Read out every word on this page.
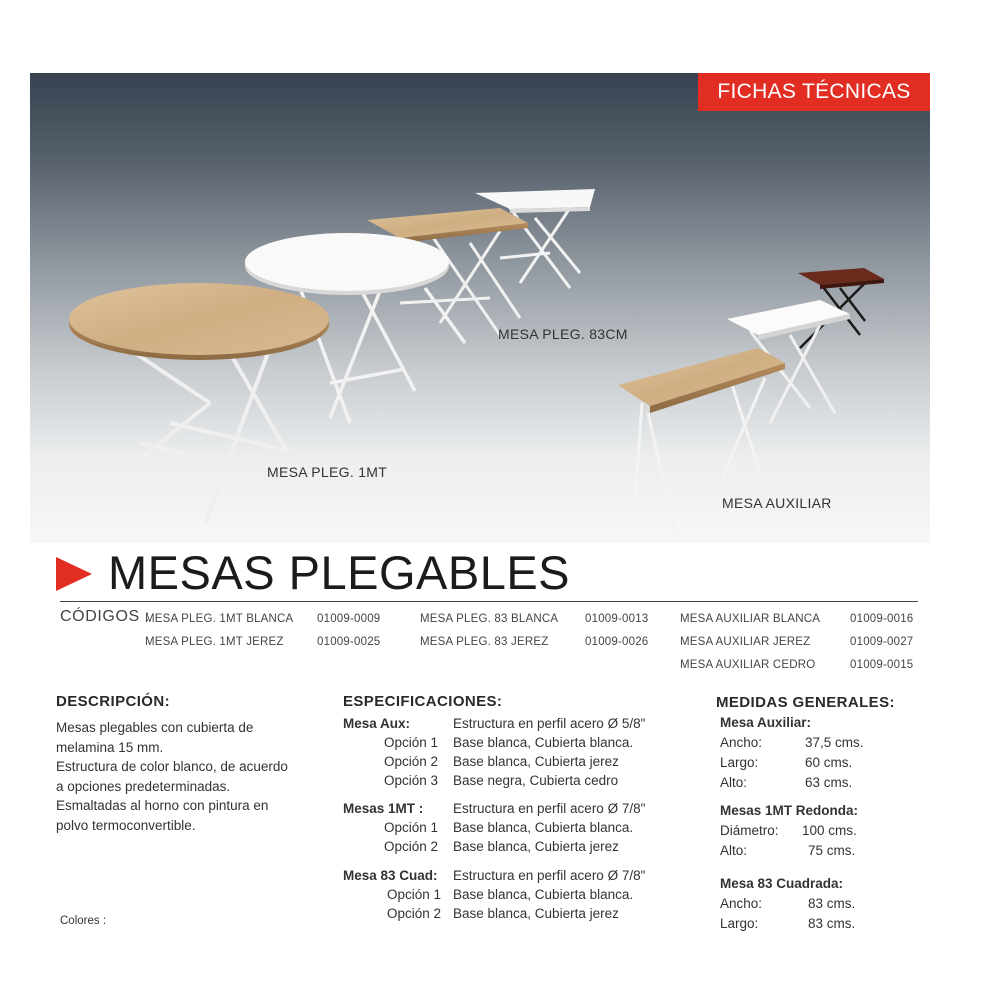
FICHAS TÉCNICAS
MESA PLEG. 1MT
MESA PLEG. 83CM
MESA AUXILIAR
MESAS PLEGABLES
CÓDIGOS :
MESA PLEG. 1MT BLANCA 01009-0009
MESA PLEG. 1MT JEREZ	01009-0025
MESA PLEG. 83 BLANCA 01009-0013
MESA PLEG. 83 JEREZ	01009-0026
MESA AUXILIAR BLANCA	01009-0016
MESA AUXILIAR JEREZ	01009-0027
MESA AUXILIAR CEDRO	01009-0015
DESCRIPCIÓN:
Mesas plegables con cubierta de
melamina 15 mm.
Estructura de color blanco, de acuerdo
a opciones predeterminadas.
Esmaltadas al horno con pintura en
polvo termoconvertible.
ESPECIFICACIONES:
Mesa Aux:	Estructura en perfil acero Ø 5/8"
Opción 1 Base blanca, Cubierta blanca.
Opción 2 Base blanca, Cubierta jerez
Opción 3 Base negra, Cubierta cedro
Mesas 1MT : Estructura en perfil acero Ø 7/8"
Opción 1 Base blanca, Cubierta blanca.
Opción 2 Base blanca, Cubierta jerez
Mesa 83 Cuad: Estructura en perfil acero Ø 7/8"
Opción 1 Base blanca, Cubierta blanca.
Opción 2 Base blanca, Cubierta jerez
MEDIDAS GENERALES:
Mesa Auxiliar:
Ancho:	37,5 cms.
Largo:	60 cms.
Alto:	63 cms.
Mesas 1MT Redonda:
Diámetro: 100 cms.
Alto:	75 cms.
Mesa 83 Cuadrada:
Ancho:	83 cms.
Largo:	83 cms.
Colores :
